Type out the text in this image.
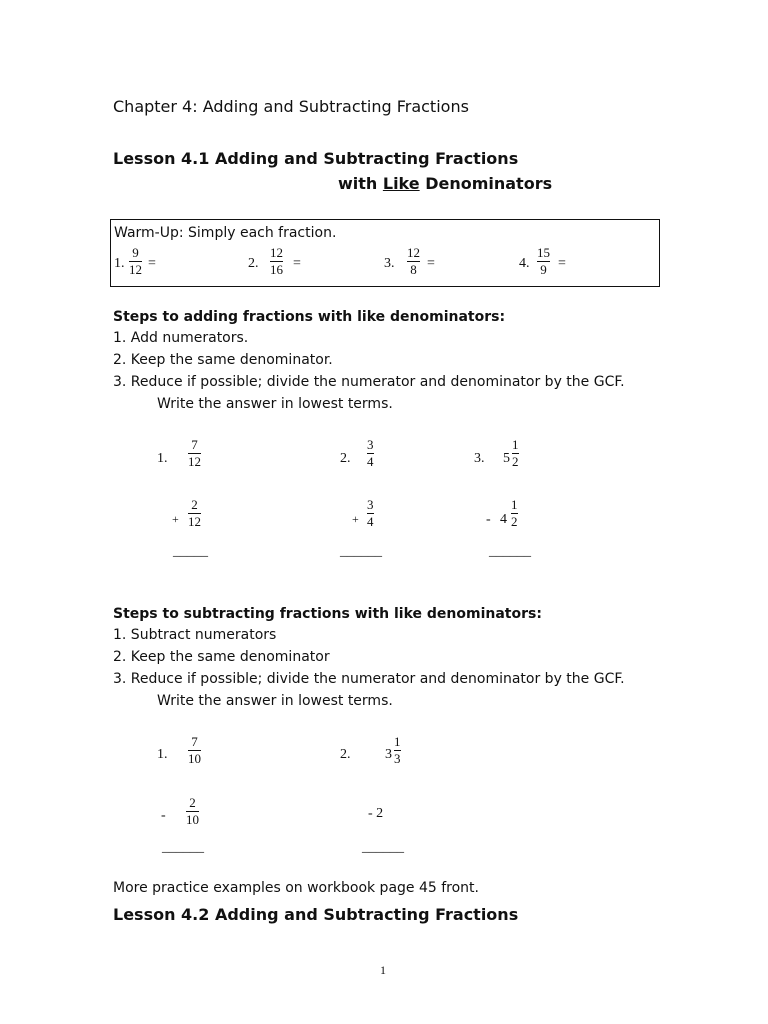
Chapter 4: Adding and Subtracting Fractions
Lesson 4.1 Adding and Subtracting Fractions
with Like Denominators
Warm-Up: Simply each fraction.
1.
9
12 =	2.
12
16 =	3.
12
8 =	4.
15
9 =
Steps to adding fractions with like denominators:
1. Add numerators.
2. Keep the same denominator.
3. Reduce if possible; divide the numerator and denominator by the GCF.
Write the answer in lowest terms.
1.
7
12
+
2
12
_____
2.
3
4
+
3
4
______
3. 5
1
2
- 4
1
2
______
Steps to subtracting fractions with like denominators:
1. Subtract numerators
2. Keep the same denominator
3. Reduce if possible; divide the numerator and denominator by the GCF.
Write the answer in lowest terms.
1.
7
10
-
2
10
______
2. 3
1
3
- 2
______
More practice examples on workbook page 45 front.
Lesson 4.2 Adding and Subtracting Fractions
1
